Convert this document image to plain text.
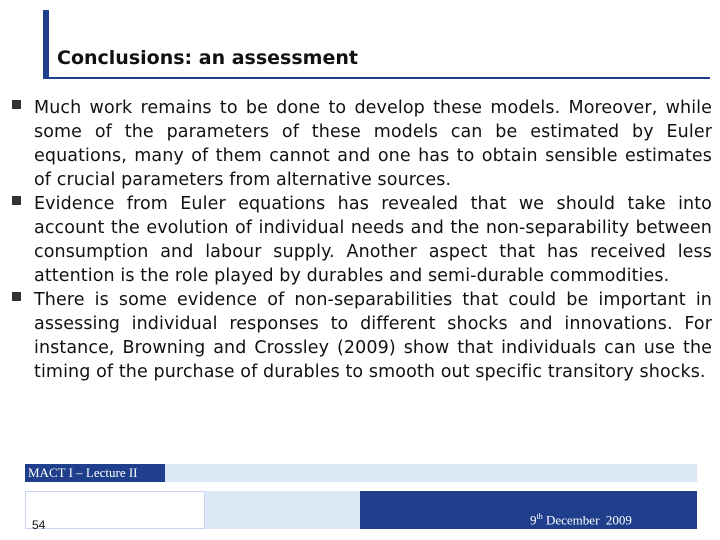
Conclusions: an assessment
Much work remains to be done to develop these models. Moreover, while some of the parameters of these models can be estimated by Euler equations, many of them cannot and one has to obtain sensible estimates of crucial parameters from alternative sources.
Evidence from Euler equations has revealed that we should take into account the evolution of individual needs and the non-separability between consumption and labour supply. Another aspect that has received less attention is the role played by durables and semi-durable commodities.
There is some evidence of non-separabilities that could be important in assessing individual responses to different shocks and innovations. For instance, Browning and Crossley (2009) show that individuals can use the timing of the purchase of durables to smooth out specific transitory shocks.
MACT I – Lecture II
54	9th December  2009
